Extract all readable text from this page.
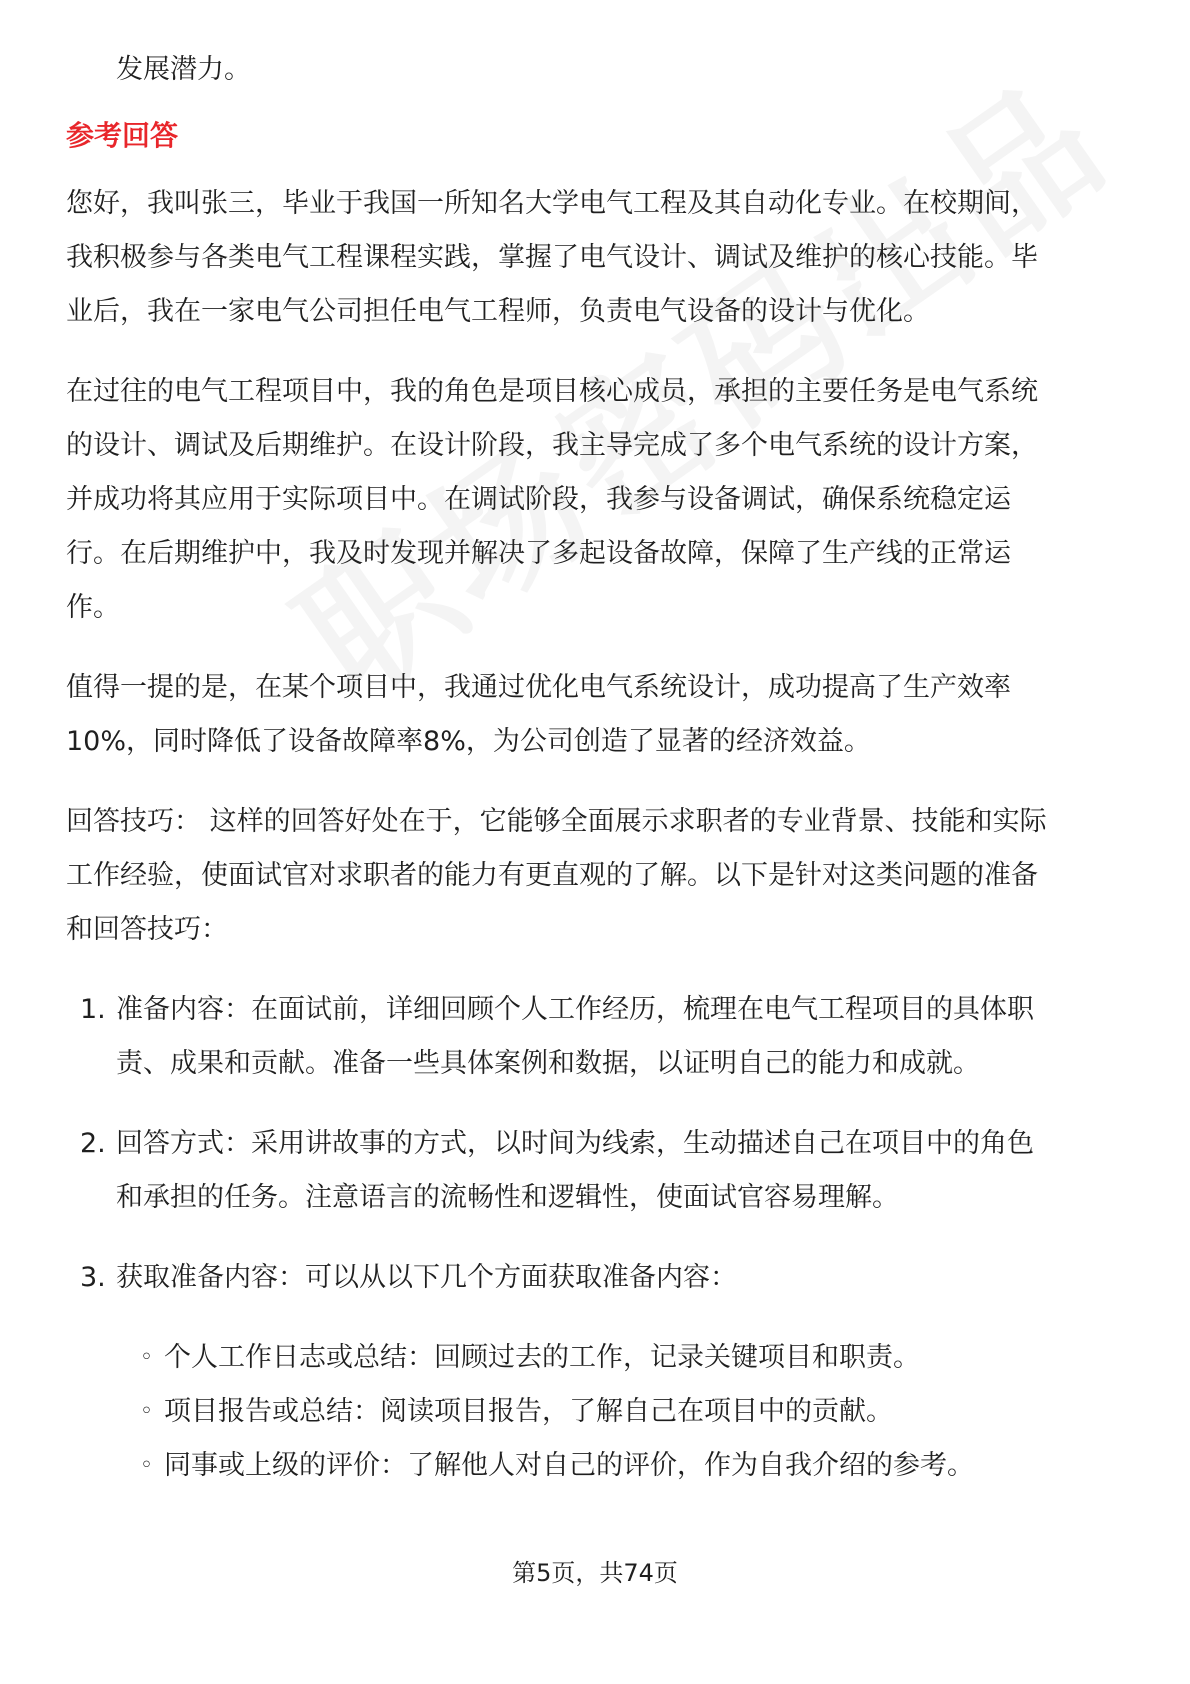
发展潜力。
参考回答
您好，我叫张三，毕业于我国一所知名大学电气工程及其自动化专业。在校期间，
我积极参与各类电气工程课程实践，掌握了电气设计、调试及维护的核心技能。毕
业后，我在一家电气公司担任电气工程师，负责电气设备的设计与优化。
在过往的电气工程项目中，我的角色是项目核心成员，承担的主要任务是电气系统
的设计、调试及后期维护。在设计阶段，我主导完成了多个电气系统的设计方案，
并成功将其应用于实际项目中。在调试阶段，我参与设备调试，确保系统稳定运
行。在后期维护中，我及时发现并解决了多起设备故障，保障了生产线的正常运
作。
值得一提的是，在某个项目中，我通过优化电气系统设计，成功提高了生产效率
10%，同时降低了设备故障率8%，为公司创造了显著的经济效益。
回答技巧： 这样的回答好处在于，它能够全面展示求职者的专业背景、技能和实际
工作经验，使面试官对求职者的能力有更直观的了解。以下是针对这类问题的准备
和回答技巧：
1. 准备内容：在面试前，详细回顾个人工作经历，梳理在电气工程项目的具体职
责、成果和贡献。准备一些具体案例和数据，以证明自己的能力和成就。
2. 回答方式：采用讲故事的方式，以时间为线索，生动描述自己在项目中的角色
和承担的任务。注意语言的流畅性和逻辑性，使面试官容易理解。
3. 获取准备内容：可以从以下几个方面获取准备内容：
◦ 个人工作日志或总结：回顾过去的工作，记录关键项目和职责。
◦ 项目报告或总结：阅读项目报告，了解自己在项目中的贡献。
◦ 同事或上级的评价：了解他人对自己的评价，作为自我介绍的参考。
第5页，共74页
